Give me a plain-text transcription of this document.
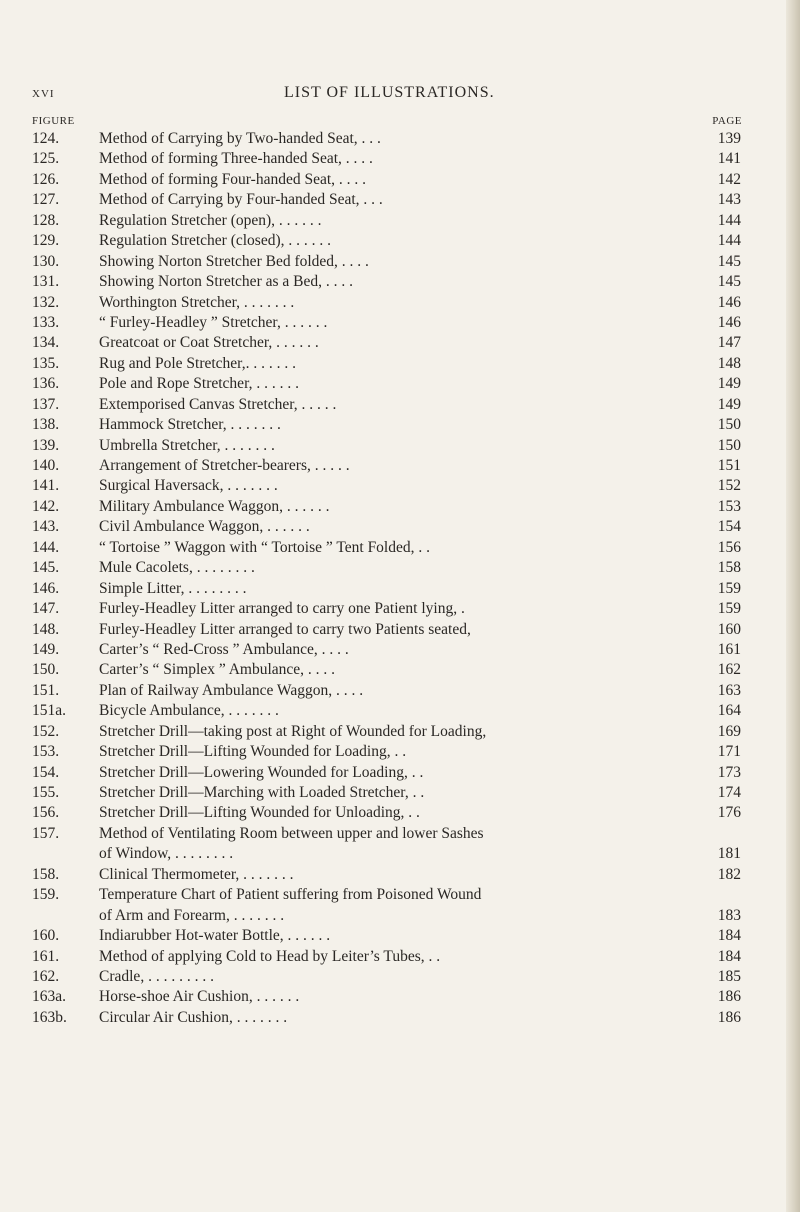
xvi	LIST OF ILLUSTRATIONS.
FIGURE	PAGE
124.	Method of Carrying by Two-handed Seat, . . .	139
125.	Method of forming Three-handed Seat, . . . .	141
126.	Method of forming Four-handed Seat, . . . .	142
127.	Method of Carrying by Four-handed Seat, . . .	143
128.	Regulation Stretcher (open), . . . . . .	144
129.	Regulation Stretcher (closed), . . . . . .	144
130.	Showing Norton Stretcher Bed folded, . . . .	145
131.	Showing Norton Stretcher as a Bed, . . . .	145
132.	Worthington Stretcher, . . . . . . .	146
133.	“ Furley-Headley ” Stretcher, . . . . . .	146
134.	Greatcoat or Coat Stretcher, . . . . . .	147
135.	Rug and Pole Stretcher,. . . . . . .	148
136.	Pole and Rope Stretcher, . . . . . .	149
137.	Extemporised Canvas Stretcher, . . . . .	149
138.	Hammock Stretcher, . . . . . . .	150
139.	Umbrella Stretcher, . . . . . . .	150
140.	Arrangement of Stretcher-bearers, . . . . .	151
141.	Surgical Haversack, . . . . . . .	152
142.	Military Ambulance Waggon, . . . . . .	153
143.	Civil Ambulance Waggon, . . . . . .	154
144.	“ Tortoise ” Waggon with “ Tortoise ” Tent Folded, . .	156
145.	Mule Cacolets, . . . . . . . .	158
146.	Simple Litter, . . . . . . . .	159
147.	Furley-Headley Litter arranged to carry one Patient lying, .	159
148.	Furley-Headley Litter arranged to carry two Patients seated,	160
149.	Carter’s “ Red-Cross ” Ambulance, . . . .	161
150.	Carter’s “ Simplex ” Ambulance, . . . .	162
151.	Plan of Railway Ambulance Waggon, . . . .	163
151a. Bicycle Ambulance, . . . . . . .	164
152.	Stretcher Drill—taking post at Right of Wounded for Loading,	169
153.	Stretcher Drill—Lifting Wounded for Loading, . .	171
154.	Stretcher Drill—Lowering Wounded for Loading, . .	173
155.	Stretcher Drill—Marching with Loaded Stretcher, . .	174
156.	Stretcher Drill—Lifting Wounded for Unloading, . .	176
157.	Method of Ventilating Room between upper and lower Sashes
of Window, . . . . . . . .	181
158.	Clinical Thermometer, . . . . . . .	182
159.	Temperature Chart of Patient suffering from Poisoned Wound
of Arm and Forearm, . . . . . . .	183
160.	Indiarubber Hot-water Bottle, . . . . . .	184
161.	Method of applying Cold to Head by Leiter’s Tubes, . .	184
162.	Cradle, . . . . . . . . .	185
163a. Horse-shoe Air Cushion, . . . . . .	186
163b. Circular Air Cushion, . . . . . . .	186
